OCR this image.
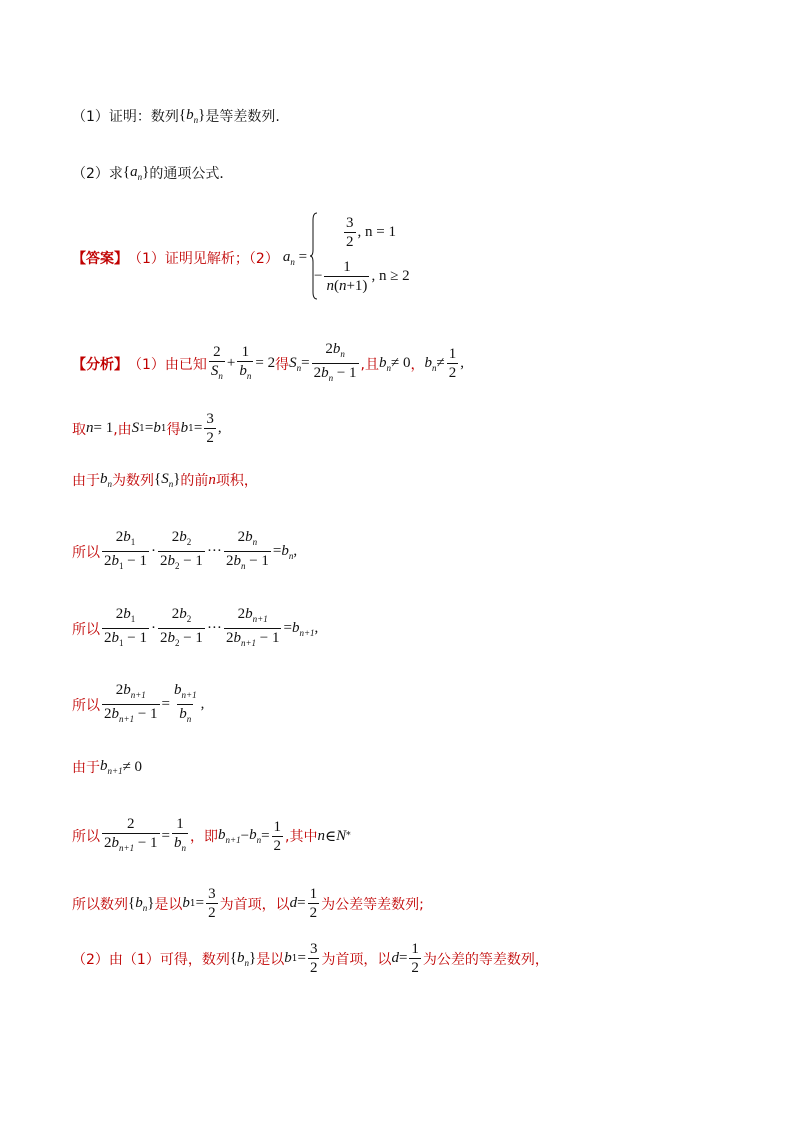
（1）证明：数列 $\{b_n\}$ 是等差数列.
（2）求 $\{a_n\}$ 的通项公式．
【答案】 （1）证明见解析；（2） $a_n$ =
$\frac{3}{2}$ , n = 1
− $\frac{1}{n(n+1)}$ , n ≥ 2
【分析】 （1）由已知 $\frac{2}{S_n} + \frac{1}{b_n} = 2$ 得 $S_n = \frac{2b_n}{2b_n - 1}$ ,且 $b_n \ne 0$ ， $b_n \ne \frac{1}{2}$ ,
取 n = 1 ,由 S 1 = b 1 得 b $1 = \frac{3}{2}$ ,
由于 $b_n$ 为数列 $\{S_n\}$ 的前 n 项积，
所以 $\frac{2b_1}{2b_1 - 1} \cdot \frac{2b_2}{2b_2 - 1}$ ··· $\frac{2b_n}{2b_n - 1} = b_n$ ,
所以 $\frac{2b_1}{2b_1 - 1} \cdot \frac{2b_2}{2b_2 - 1}$ ··· $\frac{2b_{n+1}}{2b_{n+1} - 1} = b_{n+1}$ ,
所以 $\frac{2b_{n+1}}{2b_{n+1} - 1} = \frac{b_{n+1}}{b_n}$ ,
由于 $b_{n+1} \ne 0$
所以 $\frac{2}{2b_{n+1} - 1} = \frac{1}{b_n}$ ，即 $b_{n+1} - b_n = \frac{1}{2}$ ,其中 n ∈ N *
所以数列 $\{b_n\}$ 是以 b $1 = \frac{3}{2}$ 为首项，以 $d = \frac{1}{2}$ 为公差等差数列;
（2）由（1）可得，数列 $\{b_n\}$ 是以 b $1 = \frac{3}{2}$ 为首项，以 $d = \frac{1}{2}$ 为公差的等差数列，
